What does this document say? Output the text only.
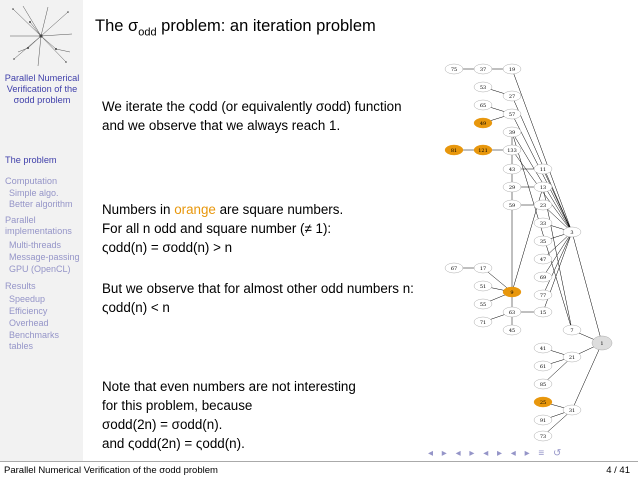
Parallel Numerical Verification of the σodd problem
The problem
Computation
Simple algo.
Better algorithm
Parallel implementations
Multi-threads
Message-passing
GPU (OpenCL)
Results
Speedup
Efficiency
Overhead
Benchmarks tables
The $\sigma_{odd}$ problem: an iteration problem
We iterate the ςodd (or equivalently σodd) function
and we observe that we always reach 1.
Numbers in orange are square numbers.
For all n odd and square number (≠ 1):
ςodd(n) = σodd(n) > n
But we observe that for almost other odd numbers n:
ςodd(n) < n
Note that even numbers are not interesting
for this problem, because
σodd(2n) = σodd(n).
and ςodd(2n) = ςodd(n).
75	37	19
53
27
65
57
49
39
81	121	133
43	11
29	13
59	23
33
3
35
47
69
67	17
51
77
9
55
63	15
71
45	7
1
41
21
61
85
25
31
91
73
◂ ▸ ◂ ▸ ◂ ▸ ◂ ▸ ≡ ↺
Parallel Numerical Verification of the σodd problem	4 / 41
